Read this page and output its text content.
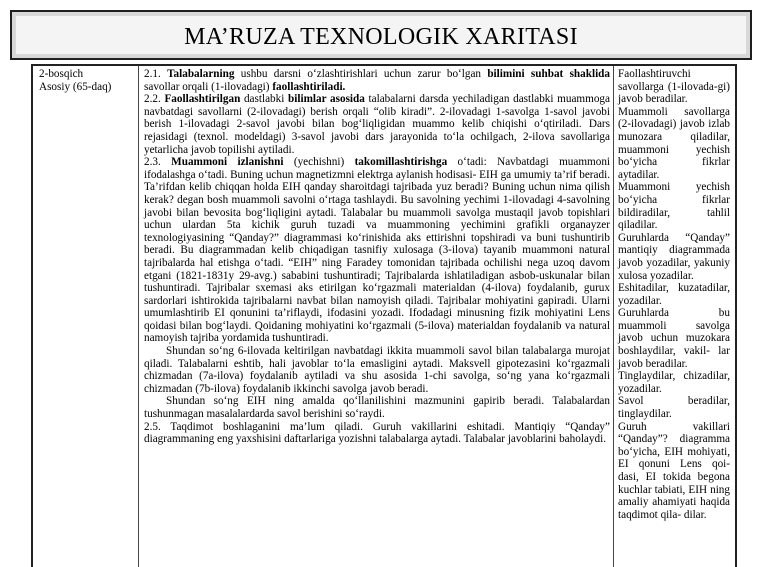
MA’RUZA TEXNOLOGIK XARITASI
2-bosqich
Asosiy (65-daq)

2.1. Talabalarning ushbu darsni o‘zlashtirishlari uchun zarur bo‘lgan bilimini suhbat shaklida savollar orqali (1-ilovadagi) faollashtiriladi.

2.2. Faollashtirilgan dastlabki bilimlar asosida talabalarni darsda yechiladigan dastlabki muammoga navbatdagi savollarni (2-ilovadagi) berish orqali “olib kiradi”. 2-ilovadagi 1-savolga 1-savol javobi berish 1-ilovadagi 2-savol javobi bilan bog‘liqligidan muammo kelib chiqishi o‘qtiriladi. Dars rejasidagi (texnol. modeldagi) 3-savol javobi dars jarayonida to‘la ochilgach, 2-ilova savollariga yetarlicha javob topilishi aytiladi.

2.3. Muammoni izlanishni (yechishni) takomillashtirishga o‘tadi: Navbatdagi muammoni ifodalashga o‘tadi. Buning uchun magnetizmni elektrga aylanish hodisasi- EIH ga umumiy ta’rif beradi. Ta’rifdan kelib chiqqan holda EIH qanday sharoitdagi tajribada yuz beradi? Buning uchun nima qilish kerak? degan bosh muammoli savolni o‘rtaga tashlaydi. Bu savolning yechimi 1-ilovadagi 4-savolning javobi bilan bevosita bog‘liqligini aytadi. Talabalar bu muammoli savolga mustaqil javob topishlari uchun ulardan 5ta kichik guruh tuzadi va muammoning yechimini grafikli organayzer texnologiyasining “Qanday?” diagrammasi ko‘rinishida aks ettirishni topshiradi va buni tushuntirib beradi. Bu diagrammadan kelib chiqadigan tasnifiy xulosaga (3-ilova) tayanib muammoni natural tajribalarda hal etishga o‘tadi. “EIH” ning Faradey tomonidan tajribada ochilishi nega uzoq davom etgani (1821-1831y 29-avg.) sababini tushuntiradi; Tajribalarda ishlatiladigan asbob-uskunalar bilan tushuntiradi. Tajribalar sxemasi aks etirilgan ko‘rgazmali materialdan (4-ilova) foydalanib, gurux sardorlari ishtirokida tajribalarni navbat bilan namoyish qiladi. Tajribalar mohiyatini gapiradi. Ularni umumlashtirib EI qonunini ta’riflaydi, ifodasini yozadi. Ifodadagi minusning fizik mohiyatini Lens qoidasi bilan bog‘laydi. Qoidaning mohiyatini ko‘rgazmali (5-ilova) materialdan foydalanib va natural namoyish tajriba yordamida tushuntiradi.

Shundan so‘ng 6-ilovada keltirilgan navbatdagi ikkita muammoli savol bilan talabalarga murojat qiladi. Talabalarni eshtib, hali javoblar to‘la emasligini aytadi. Maksvell gipotezasini ko‘rgazmali chizmadan (7a-ilova) foydalanib aytiladi va shu asosida 1-chi savolga, so‘ng yana ko‘rgazmali chizmadan (7b-ilova) foydalanib ikkinchi savolga javob beradi.

Shundan so‘ng EIH ning amalda qo‘llanilishini mazmunini gapirib beradi. Talabalardan tushunmagan masalalardarda savol berishini so‘raydi.

2.5. Taqdimot boshlaganini ma’lum qiladi. Guruh vakillarini eshitadi. Mantiqiy “Qanday” diagrammaning eng yaxshisini daftarlariga yozishni talabalarga aytadi. Talabalar javoblarini baholaydi.

Faollashtiruvchi savollarga (1-ilovada-gi) javob beradilar.

Muammoli savollarga (2-ilovadagi) javob izlab munozara qiladilar, muammoni yechish bo‘yicha fikrlar aytadilar.

Muammoni yechish bo‘yicha fikrlar bildiradilar, tahlil qiladilar.

Guruhlarda “Qanday” mantiqiy diagrammada javob yozadilar, yakuniy xulosa yozadilar.

Eshitadilar, kuzatadilar, yozadilar.

Guruhlarda bu muammoli savolga javob uchun muzokara boshlaydilar, vakil- lar javob beradilar.

Tinglaydilar, chizadilar, yozadilar.

Savol beradilar, tinglaydilar.

Guruh vakillari “Qanday”? diagramma bo‘yicha, EIH mohiyati, EI qonuni Lens qoi- dasi, EI tokida begona kuchlar tabiati, EIH ning amaliy ahamiyati haqida taqdimot qila- dilar.
